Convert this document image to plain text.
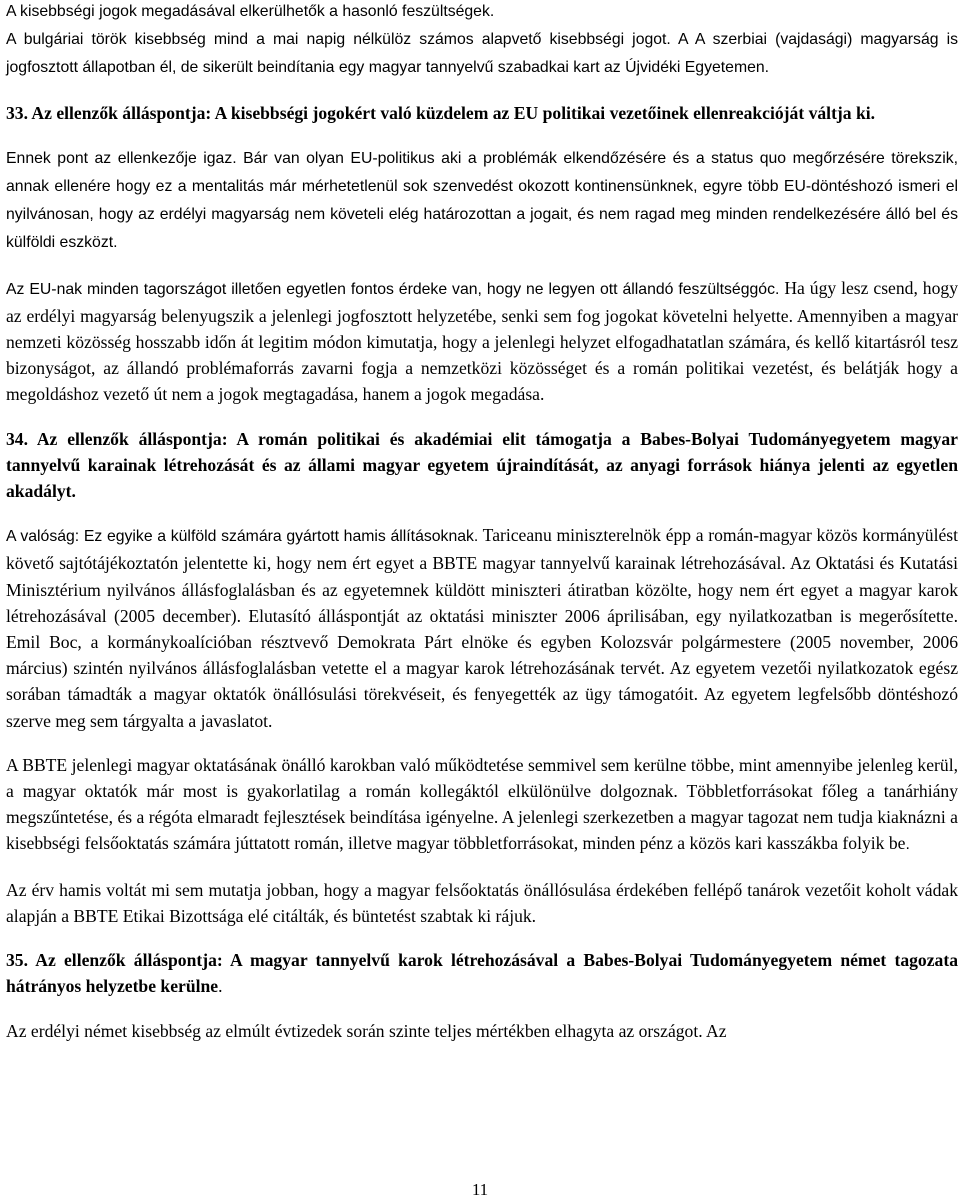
A kisebbségi jogok megadásával elkerülhetők a hasonló feszültségek.
A bulgáriai török kisebbség mind a mai napig nélkülöz számos alapvető kisebbségi jogot. A A szerbiai (vajdasági) magyarság is jogfosztott állapotban él, de sikerült beindítania egy magyar tannyelvű szabadkai kart az Újvidéki Egyetemen.

33. Az ellenzők álláspontja: A kisebbségi jogokért való küzdelem az EU politikai vezetőinek ellenreakcióját váltja ki.

Ennek pont az ellenkezője igaz. Bár van olyan EU-politikus aki a problémák elkendőzésére és a status quo megőrzésére törekszik, annak ellenére hogy ez a mentalitás már mérhetetlenül sok szenvedést okozott kontinensünknek, egyre több EU-döntéshozó ismeri el nyilvánosan, hogy az erdélyi magyarság nem követeli elég határozottan a jogait, és nem ragad meg minden rendelkezésére álló bel és külföldi eszközt.

Az EU-nak minden tagországot illetően egyetlen fontos érdeke van, hogy ne legyen ott állandó feszültséggóc. Ha úgy lesz csend, hogy az erdélyi magyarság belenyugszik a jelenlegi jogfosztott helyzetébe, senki sem fog jogokat követelni helyette. Amennyiben a magyar nemzeti közösség hosszabb időn át legitim módon kimutatja, hogy a jelenlegi helyzet elfogadhatatlan számára, és kellő kitartásról tesz bizonyságot, az állandó problémaforrás zavarni fogja a nemzetközi közösséget és a román politikai vezetést, és belátják hogy a megoldáshoz vezető út nem a jogok megtagadása, hanem a jogok megadása.

34. Az ellenzők álláspontja: A román politikai és akadémiai elit támogatja a Babes-Bolyai Tudományegyetem magyar tannyelvű karainak létrehozását és az állami magyar egyetem újraindítását, az anyagi források hiánya jelenti az egyetlen akadályt.

A valóság: Ez egyike a külföld számára gyártott hamis állításoknak. Tariceanu miniszterelnök épp a román-magyar közös kormányülést követő sajtótájékoztatón jelentette ki, hogy nem ért egyet a BBTE magyar tannyelvű karainak létrehozásával. Az Oktatási és Kutatási Minisztérium nyilvános állásfoglalásban és az egyetemnek küldött miniszteri átiratban közölte, hogy nem ért egyet a magyar karok létrehozásával (2005 december). Elutasító álláspontját az oktatási miniszter 2006 áprilisában, egy nyilatkozatban is megerősítette. Emil Boc, a kormánykoalícióban résztvevő Demokrata Párt elnöke és egyben Kolozsvár polgármestere (2005 november, 2006 március) szintén nyilvános állásfoglalásban vetette el a magyar karok létrehozásának tervét. Az egyetem vezetői nyilatkozatok egész sorában támadták a magyar oktatók önállósulási törekvéseit, és fenyegették az ügy támogatóit. Az egyetem legfelsőbb döntéshozó szerve meg sem tárgyalta a javaslatot.

A BBTE jelenlegi magyar oktatásának önálló karokban való működtetése semmivel sem kerülne többe, mint amennyibe jelenleg kerül, a magyar oktatók már most is gyakorlatilag a román kollegáktól elkülönülve dolgoznak. Többletforrásokat főleg a tanárhiány megszűntetése, és a régóta elmaradt fejlesztések beindítása igényelne. A jelenlegi szerkezetben a magyar tagozat nem tudja kiaknázni a kisebbségi felsőoktatás számára júttatott román, illetve magyar többletforrásokat, minden pénz a közös kari kasszákba folyik be.

Az érv hamis voltát mi sem mutatja jobban, hogy a magyar felsőoktatás önállósulása érdekében fellépő tanárok vezetőit koholt vádak alapján a BBTE Etikai Bizottsága elé citálták, és büntetést szabtak ki rájuk.

35. Az ellenzők álláspontja: A magyar tannyelvű karok létrehozásával a Babes-Bolyai Tudományegyetem német tagozata hátrányos helyzetbe kerülne.

Az erdélyi német kisebbség az elmúlt évtizedek során szinte teljes mértékben elhagyta az országot. Az

11
